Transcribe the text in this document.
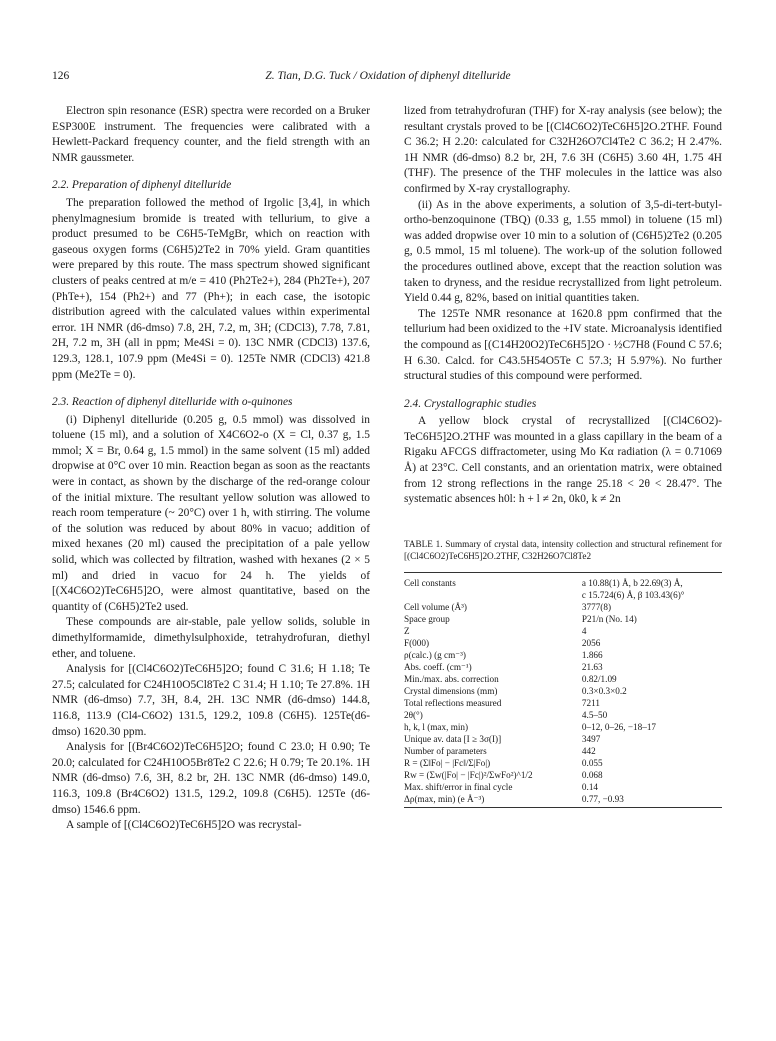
126	Z. Tian, D.G. Tuck / Oxidation of diphenyl ditelluride

Electron spin resonance (ESR) spectra were recorded on a Bruker ESP300E instrument. The frequencies were calibrated with a Hewlett-Packard frequency counter, and the field strength with an NMR gaussmeter.

2.2. Preparation of diphenyl ditelluride

The preparation followed the method of Irgolic [3,4], in which phenylmagnesium bromide is treated with tellurium, to give a product presumed to be C6H5-TeMgBr, which on reaction with gaseous oxygen forms (C6H5)2Te2 in 70% yield. Gram quantities were prepared by this route. The mass spectrum showed significant clusters of peaks centred at m/e = 410 (Ph2Te2+), 284 (Ph2Te+), 207 (PhTe+), 154 (Ph2+) and 77 (Ph+); in each case, the isotopic distribution agreed with the calculated values within experimental error. 1H NMR (d6-dmso) 7.8, 2H, 7.2, m, 3H; (CDCl3), 7.78, 7.81, 2H, 7.2 m, 3H (all in ppm; Me4Si = 0). 13C NMR (CDCl3) 137.6, 129.3, 128.1, 107.9 ppm (Me4Si = 0). 125Te NMR (CDCl3) 421.8 ppm (Me2Te = 0).

2.3. Reaction of diphenyl ditelluride with o-quinones

(i) Diphenyl ditelluride (0.205 g, 0.5 mmol) was dissolved in toluene (15 ml), and a solution of X4C6O2-o (X = Cl, 0.37 g, 1.5 mmol; X = Br, 0.64 g, 1.5 mmol) in the same solvent (15 ml) added dropwise at 0°C over 10 min. Reaction began as soon as the reactants were in contact, as shown by the discharge of the red-orange colour of the initial mixture. The resultant yellow solution was allowed to reach room temperature (~ 20°C) over 1 h, with stirring. The volume of the solution was reduced by about 80% in vacuo; addition of mixed hexanes (20 ml) caused the precipitation of a pale yellow solid, which was collected by filtration, washed with hexanes (2 × 5 ml) and dried in vacuo for 24 h. The yields of [(X4C6O2)TeC6H5]2O, were almost quantitative, based on the quantity of (C6H5)2Te2 used.

These compounds are air-stable, pale yellow solids, soluble in dimethylformamide, dimethylsulphoxide, tetrahydrofuran, diethyl ether, and toluene.

Analysis for [(Cl4C6O2)TeC6H5]2O; found C 31.6; H 1.18; Te 27.5; calculated for C24H10O5Cl8Te2 C 31.4; H 1.10; Te 27.8%. 1H NMR (d6-dmso) 7.7, 3H, 8.4, 2H. 13C NMR (d6-dmso) 144.8, 116.8, 113.9 (Cl4-C6O2) 131.5, 129.2, 109.8 (C6H5). 125Te(d6-dmso) 1620.30 ppm.

Analysis for [(Br4C6O2)TeC6H5]2O; found C 23.0; H 0.90; Te 20.0; calculated for C24H10O5Br8Te2 C 22.6; H 0.79; Te 20.1%. 1H NMR (d6-dmso) 7.6, 3H, 8.2 br, 2H. 13C NMR (d6-dmso) 149.0, 116.3, 109.8 (Br4C6O2) 131.5, 129.2, 109.8 (C6H5). 125Te (d6-dmso) 1546.6 ppm.

A sample of [(Cl4C6O2)TeC6H5]2O was recrystal-

lized from tetrahydrofuran (THF) for X-ray analysis (see below); the resultant crystals proved to be [(Cl4C6O2)TeC6H5]2O.2THF. Found C 36.2; H 2.20: calculated for C32H26O7Cl4Te2 C 36.2; H 2.47%. 1H NMR (d6-dmso) 8.2 br, 2H, 7.6 3H (C6H5) 3.60 4H, 1.75 4H (THF). The presence of the THF molecules in the lattice was also confirmed by X-ray crystallography.

(ii) As in the above experiments, a solution of 3,5-di-tert-butyl-ortho-benzoquinone (TBQ) (0.33 g, 1.55 mmol) in toluene (15 ml) was added dropwise over 10 min to a solution of (C6H5)2Te2 (0.205 g, 0.5 mmol, 15 ml toluene). The work-up of the solution followed the procedures outlined above, except that the reaction solution was taken to dryness, and the residue recrystallized from light petroleum. Yield 0.44 g, 82%, based on initial quantities taken.

The 125Te NMR resonance at 1620.8 ppm confirmed that the tellurium had been oxidized to the +IV state. Microanalysis identified the compound as [(C14H20O2)TeC6H5]2O · ½C7H8 (Found C 57.6; H 6.30. Calcd. for C43.5H54O5Te C 57.3; H 5.97%). No further structural studies of this compound were performed.

2.4. Crystallographic studies

A yellow block crystal of recrystallized [(Cl4C6O2)-TeC6H5]2O.2THF was mounted in a glass capillary in the beam of a Rigaku AFCGS diffractometer, using Mo Kα radiation (λ = 0.71069 Å) at 23°C. Cell constants, and an orientation matrix, were obtained from 12 strong reflections in the range 25.18 < 2θ < 28.47°. The systematic absences h0l: h + l ≠ 2n, 0k0, k ≠ 2n

TABLE 1. Summary of crystal data, intensity collection and structural refinement for [(Cl4C6O2)TeC6H5]2O.2THF, C32H26O7Cl8Te2
Cell constants	a 10.88(1) Å, b 22.69(3) Å,
	c 15.724(6) Å, β 103.43(6)°
Cell volume (Å³)	3777(8)
Space group	P21/n (No. 14)
Z	4
F(000)	2056
ρ(calc.) (g cm⁻³)	1.866
Abs. coeff. (cm⁻¹)	21.63
Min./max. abs. correction	0.82/1.09
Crystal dimensions (mm)	0.3×0.3×0.2
Total reflections measured	7211
2θ(°)	4.5–50
h, k, l (max, min)	0–12, 0–26, −18–17
Unique av. data [I ≥ 3σ(I)]	3497
Number of parameters	442
R = (Σ‖Fo| − |Fc‖/Σ|Fo|)	0.055
Rw = (Σw(|Fo| − |Fc|)²/ΣwFo²)^1/2	0.068
Max. shift/error in final cycle	0.14
Δρ(max, min) (e Å⁻³)	0.77, −0.93
